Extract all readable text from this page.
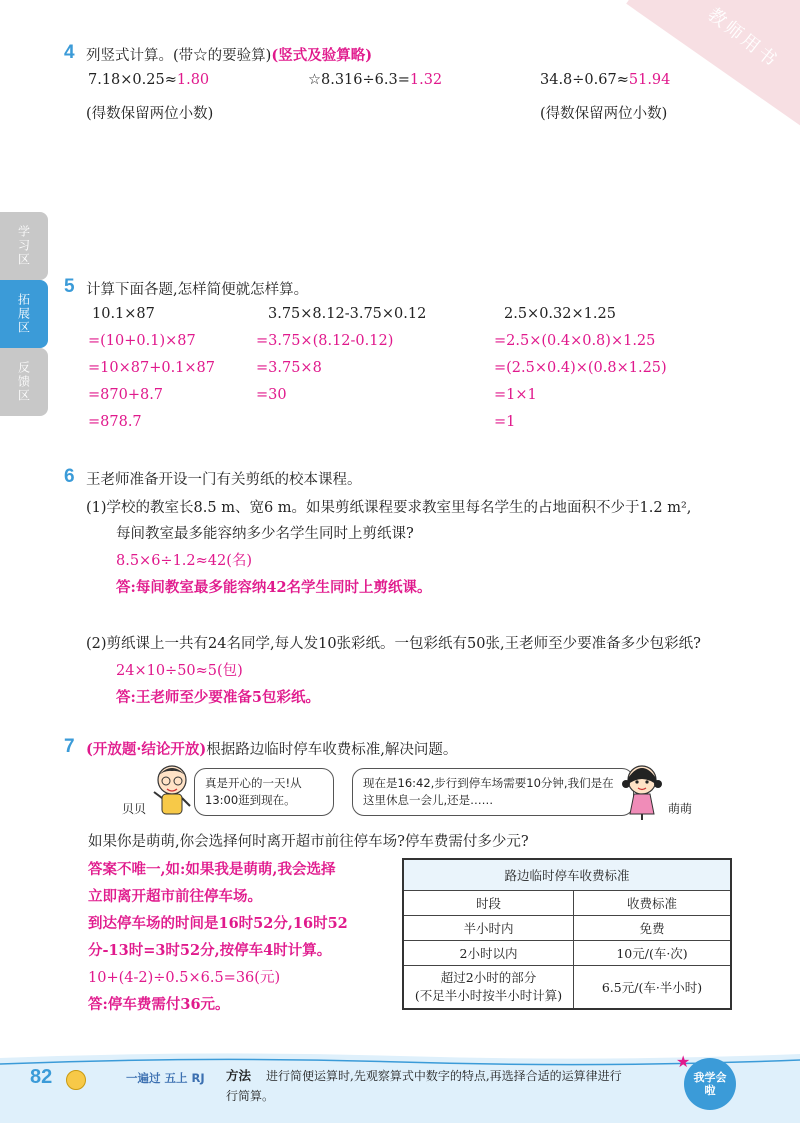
教师用书
学习区
拓展区
反馈区
4 列竖式计算。(带☆的要验算)(竖式及验算略)
7.18×0.25≈1.80
(得数保留两位小数)
☆8.316÷6.3=1.32	34.8÷0.67≈51.94
(得数保留两位小数)
5 计算下面各题,怎样简便就怎样算。
10.1×87
=(10+0.1)×87
=10×87+0.1×87
=870+8.7
=878.7
3.75×8.12-3.75×0.12
=3.75×(8.12-0.12)
=3.75×8
=30
2.5×0.32×1.25
=2.5×(0.4×0.8)×1.25
=(2.5×0.4)×(0.8×1.25)
=1×1
=1
6 王老师准备开设一门有关剪纸的校本课程。
(1)学校的教室长8.5 m、宽6 m。如果剪纸课程要求教室里每名学生的占地面积不少于1.2 m²,
每间教室最多能容纳多少名学生同时上剪纸课?
8.5×6÷1.2≈42(名)
答:每间教室最多能容纳42名学生同时上剪纸课。
(2)剪纸课上一共有24名同学,每人发10张彩纸。一包彩纸有50张,王老师至少要准备多少包彩纸?
24×10÷50≈5(包)
答:王老师至少要准备5包彩纸。
7 (开放题·结论开放)根据路边临时停车收费标准,解决问题。
贝贝
真是开心的一天!从13:00逛到现在。
现在是16:42,步行到停车场需要10分钟,我们是在这里休息一会儿,还是……
萌萌
如果你是萌萌,你会选择何时离开超市前往停车场?停车费需付多少元?
答案不唯一,如:如果我是萌萌,我会选择
立即离开超市前往停车场。
到达停车场的时间是16时52分,16时52
分-13时=3时52分,按停车4时计算。
10+(4-2)÷0.5×6.5=36(元)
答:停车费需付36元。
路边临时停车收费标准	
时段	收费标准
半小时内	免费
2小时以内	10元/(车·次)

超过2小时的部分
(不足半小时按半小时计算)	6.5元/(车·半小时)
82	一遍过 五上 RJ 方法 进行简便运算时,先观察算式中数字的特点,再选择合适的运算律进行
行简算。
我学会啦
★
